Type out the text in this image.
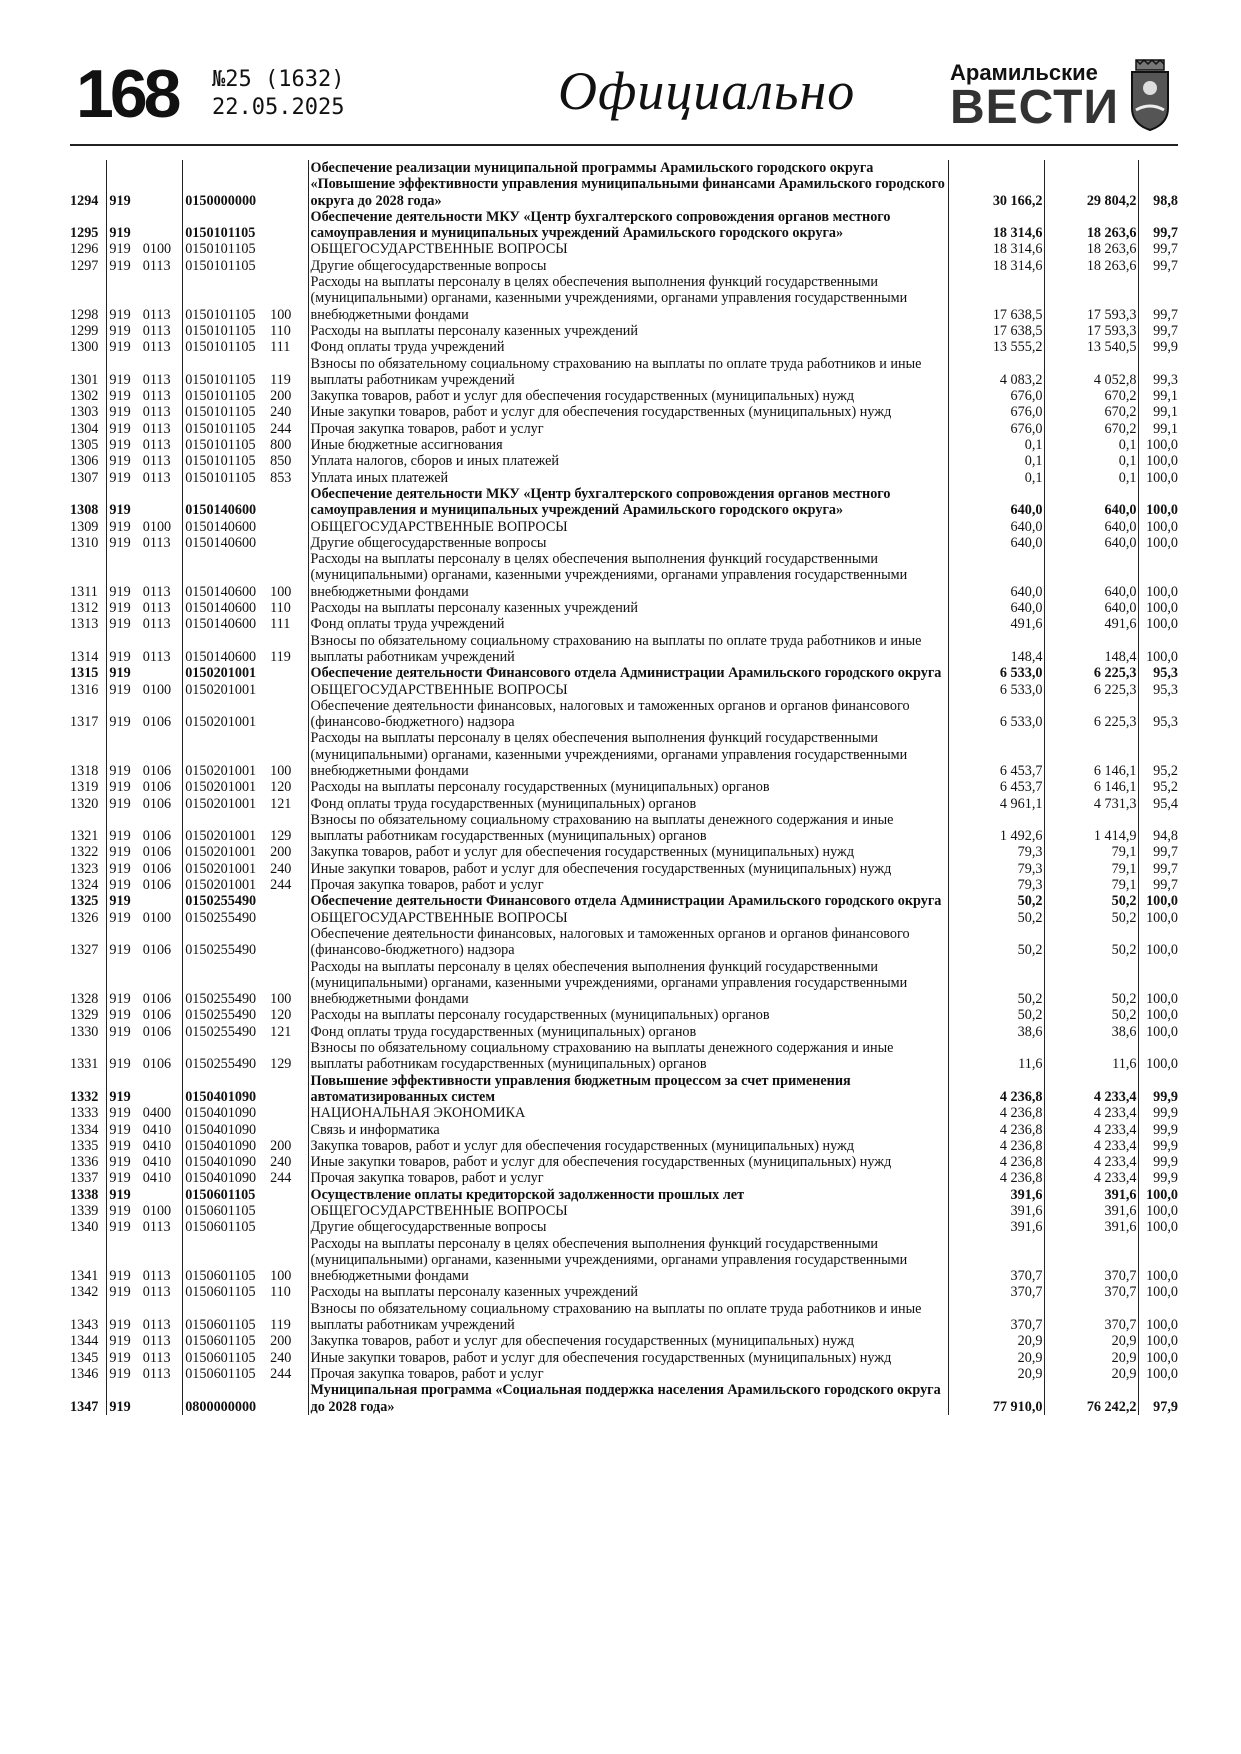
168 №25 (1632)
22.05.2025	Официально	Арамильские
ВЕСТИ
1294	919		0150000000		Обеспечение реализации муниципальной программы Арамильского городского округа «Повышение эффективности управления муниципальными финансами Арамильского городского округа до 2028 года»	30 166,2	29 804,2	98,8
1295	919		0150101105		Обеспечение деятельности МКУ «Центр бухгалтерского сопровождения органов местного самоуправления и муниципальных учреждений Арамильского городского округа»	18 314,6	18 263,6	99,7
1296	919	0100	0150101105		ОБЩЕГОСУДАРСТВЕННЫЕ ВОПРОСЫ	18 314,6	18 263,6	99,7
1297	919	0113	0150101105		Другие общегосударственные вопросы	18 314,6	18 263,6	99,7
1298	919	0113	0150101105	100	Расходы на выплаты персоналу в целях обеспечения выполнения функций государственными (муниципальными) органами, казенными учреждениями, органами управления государственными внебюджетными фондами	17 638,5	17 593,3	99,7
1299	919	0113	0150101105	110	Расходы на выплаты персоналу казенных учреждений	17 638,5	17 593,3	99,7
1300	919	0113	0150101105	111	Фонд оплаты труда учреждений	13 555,2	13 540,5	99,9
1301	919	0113	0150101105	119	Взносы по обязательному социальному страхованию на выплаты по оплате труда работников и иные выплаты работникам учреждений	4 083,2	4 052,8	99,3
1302	919	0113	0150101105	200	Закупка товаров, работ и услуг для обеспечения государственных (муниципальных) нужд	676,0	670,2	99,1
1303	919	0113	0150101105	240	Иные закупки товаров, работ и услуг для обеспечения государственных (муниципальных) нужд	676,0	670,2	99,1
1304	919	0113	0150101105	244	Прочая закупка товаров, работ и услуг	676,0	670,2	99,1
1305	919	0113	0150101105	800	Иные бюджетные ассигнования	0,1	0,1	100,0
1306	919	0113	0150101105	850	Уплата налогов, сборов и иных платежей	0,1	0,1	100,0
1307	919	0113	0150101105	853	Уплата иных платежей	0,1	0,1	100,0
1308	919		0150140600		Обеспечение деятельности МКУ «Центр бухгалтерского сопровождения органов местного самоуправления и муниципальных учреждений Арамильского городского округа»	640,0	640,0	100,0
1309	919	0100	0150140600		ОБЩЕГОСУДАРСТВЕННЫЕ ВОПРОСЫ	640,0	640,0	100,0
1310	919	0113	0150140600		Другие общегосударственные вопросы	640,0	640,0	100,0
1311	919	0113	0150140600	100	Расходы на выплаты персоналу в целях обеспечения выполнения функций государственными (муниципальными) органами, казенными учреждениями, органами управления государственными внебюджетными фондами	640,0	640,0	100,0
1312	919	0113	0150140600	110	Расходы на выплаты персоналу казенных учреждений	640,0	640,0	100,0
1313	919	0113	0150140600	111	Фонд оплаты труда учреждений	491,6	491,6	100,0
1314	919	0113	0150140600	119	Взносы по обязательному социальному страхованию на выплаты по оплате труда работников и иные выплаты работникам учреждений	148,4	148,4	100,0
1315	919		0150201001		Обеспечение деятельности Финансового отдела Администрации Арамильского городского округа	6 533,0	6 225,3	95,3
1316	919	0100	0150201001		ОБЩЕГОСУДАРСТВЕННЫЕ ВОПРОСЫ	6 533,0	6 225,3	95,3
1317	919	0106	0150201001		Обеспечение деятельности финансовых, налоговых и таможенных органов и органов финансового (финансово-бюджетного) надзора	6 533,0	6 225,3	95,3
1318	919	0106	0150201001	100	Расходы на выплаты персоналу в целях обеспечения выполнения функций государственными (муниципальными) органами, казенными учреждениями, органами управления государственными внебюджетными фондами	6 453,7	6 146,1	95,2
1319	919	0106	0150201001	120	Расходы на выплаты персоналу государственных (муниципальных) органов	6 453,7	6 146,1	95,2
1320	919	0106	0150201001	121	Фонд оплаты труда государственных (муниципальных) органов	4 961,1	4 731,3	95,4
1321	919	0106	0150201001	129	Взносы по обязательному социальному страхованию на выплаты денежного содержания и иные выплаты работникам государственных (муниципальных) органов	1 492,6	1 414,9	94,8
1322	919	0106	0150201001	200	Закупка товаров, работ и услуг для обеспечения государственных (муниципальных) нужд	79,3	79,1	99,7
1323	919	0106	0150201001	240	Иные закупки товаров, работ и услуг для обеспечения государственных (муниципальных) нужд	79,3	79,1	99,7
1324	919	0106	0150201001	244	Прочая закупка товаров, работ и услуг	79,3	79,1	99,7
1325	919		0150255490		Обеспечение деятельности Финансового отдела Администрации Арамильского городского округа	50,2	50,2	100,0
1326	919	0100	0150255490		ОБЩЕГОСУДАРСТВЕННЫЕ ВОПРОСЫ	50,2	50,2	100,0
1327	919	0106	0150255490		Обеспечение деятельности финансовых, налоговых и таможенных органов и органов финансового (финансово-бюджетного) надзора	50,2	50,2	100,0
1328	919	0106	0150255490	100	Расходы на выплаты персоналу в целях обеспечения выполнения функций государственными (муниципальными) органами, казенными учреждениями, органами управления государственными внебюджетными фондами	50,2	50,2	100,0
1329	919	0106	0150255490	120	Расходы на выплаты персоналу государственных (муниципальных) органов	50,2	50,2	100,0
1330	919	0106	0150255490	121	Фонд оплаты труда государственных (муниципальных) органов	38,6	38,6	100,0
1331	919	0106	0150255490	129	Взносы по обязательному социальному страхованию на выплаты денежного содержания и иные выплаты работникам государственных (муниципальных) органов	11,6	11,6	100,0
1332	919		0150401090		Повышение эффективности управления бюджетным процессом за счет применения автоматизированных систем	4 236,8	4 233,4	99,9
1333	919	0400	0150401090		НАЦИОНАЛЬНАЯ ЭКОНОМИКА	4 236,8	4 233,4	99,9
1334	919	0410	0150401090		Связь и информатика	4 236,8	4 233,4	99,9
1335	919	0410	0150401090	200	Закупка товаров, работ и услуг для обеспечения государственных (муниципальных) нужд	4 236,8	4 233,4	99,9
1336	919	0410	0150401090	240	Иные закупки товаров, работ и услуг для обеспечения государственных (муниципальных) нужд	4 236,8	4 233,4	99,9
1337	919	0410	0150401090	244	Прочая закупка товаров, работ и услуг	4 236,8	4 233,4	99,9
1338	919		0150601105		Осуществление оплаты кредиторской задолженности прошлых лет	391,6	391,6	100,0
1339	919	0100	0150601105		ОБЩЕГОСУДАРСТВЕННЫЕ ВОПРОСЫ	391,6	391,6	100,0
1340	919	0113	0150601105		Другие общегосударственные вопросы	391,6	391,6	100,0
1341	919	0113	0150601105	100	Расходы на выплаты персоналу в целях обеспечения выполнения функций государственными (муниципальными) органами, казенными учреждениями, органами управления государственными внебюджетными фондами	370,7	370,7	100,0
1342	919	0113	0150601105	110	Расходы на выплаты персоналу казенных учреждений	370,7	370,7	100,0
1343	919	0113	0150601105	119	Взносы по обязательному социальному страхованию на выплаты по оплате труда работников и иные выплаты работникам учреждений	370,7	370,7	100,0
1344	919	0113	0150601105	200	Закупка товаров, работ и услуг для обеспечения государственных (муниципальных) нужд	20,9	20,9	100,0
1345	919	0113	0150601105	240	Иные закупки товаров, работ и услуг для обеспечения государственных (муниципальных) нужд	20,9	20,9	100,0
1346	919	0113	0150601105	244	Прочая закупка товаров, работ и услуг	20,9	20,9	100,0
1347	919		0800000000		Муниципальная программа «Социальная поддержка населения Арамильского городского округа до 2028 года»	77 910,0	76 242,2	97,9
